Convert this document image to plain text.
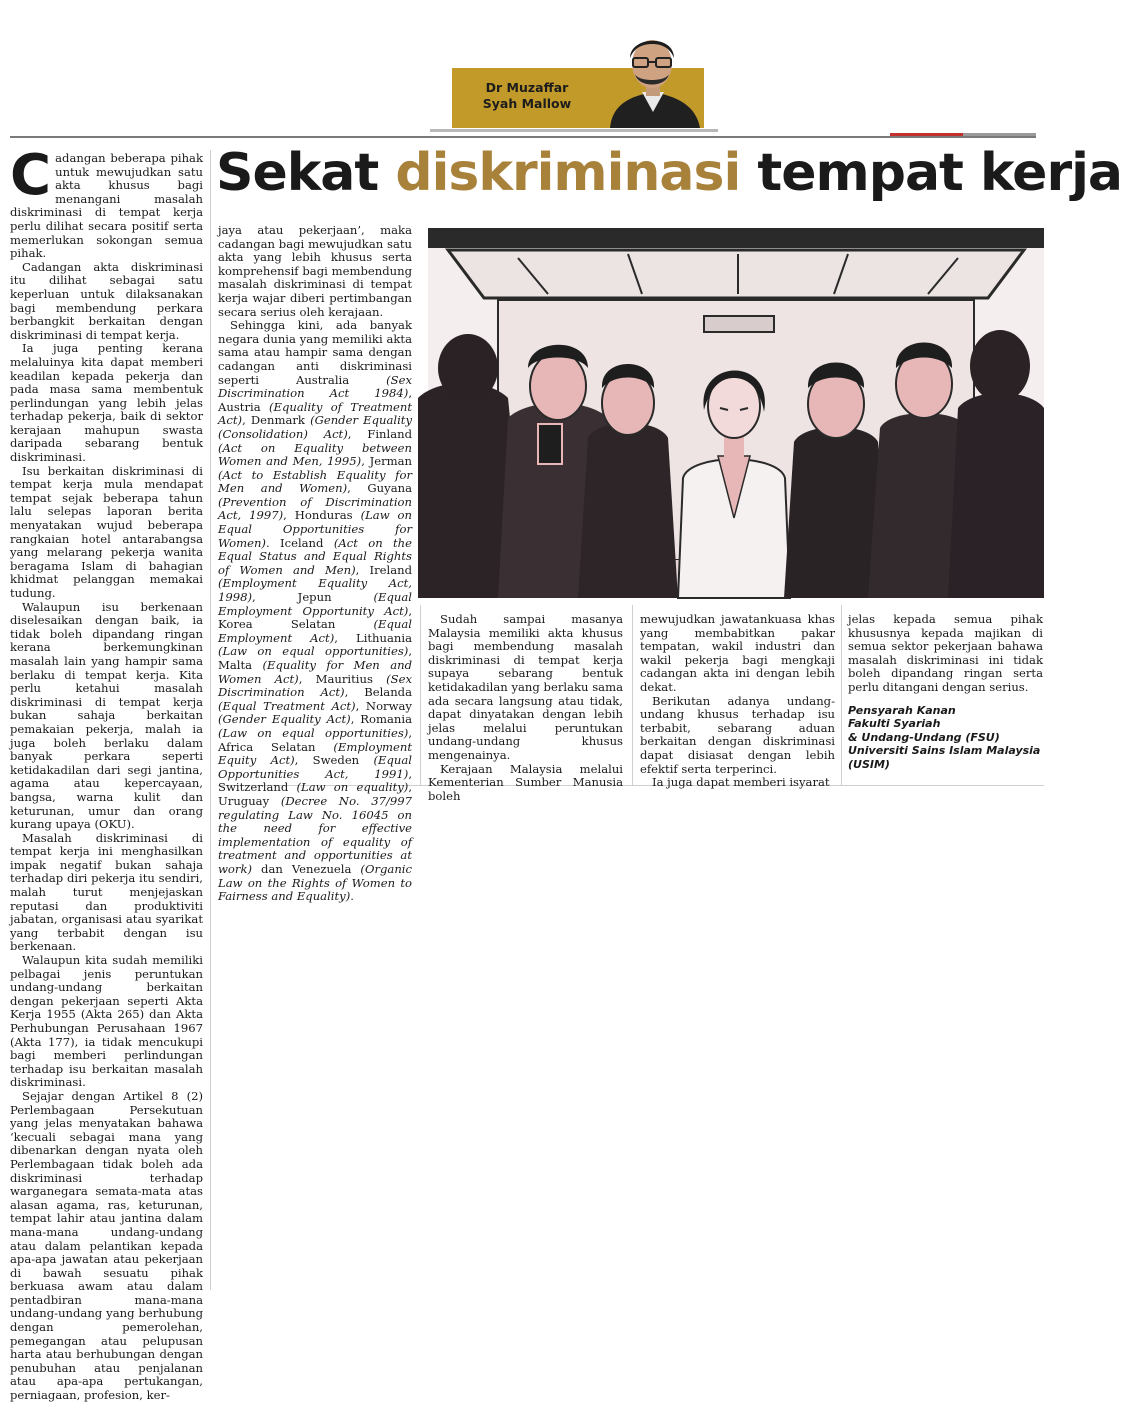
Dr Muzaffar
Syah Mallow
Sekat diskriminasi tempat kerja

Cadangan beberapa pihak untuk mewujudkan satu akta khusus bagi menangani masalah diskriminasi di tempat kerja perlu dilihat secara positif serta memerlukan sokongan semua pihak.

Cadangan akta diskriminasi itu dilihat sebagai satu keperluan untuk dilaksanakan bagi membendung perkara berbangkit berkaitan dengan diskriminasi di tempat kerja.

Ia juga penting kerana melaluinya kita dapat memberi keadilan kepada pekerja dan pada masa sama membentuk perlindungan yang lebih jelas terhadap pekerja, baik di sektor kerajaan mahupun swasta daripada sebarang bentuk diskriminasi.

Isu berkaitan diskriminasi di tempat kerja mula mendapat tempat sejak beberapa tahun lalu selepas laporan berita menyatakan wujud beberapa rangkaian hotel antarabangsa yang melarang pekerja wanita beragama Islam di bahagian khidmat pelanggan memakai tudung.

Walaupun isu berkenaan diselesaikan dengan baik, ia tidak boleh dipandang ringan kerana berkemungkinan masalah lain yang hampir sama berlaku di tempat kerja. Kita perlu ketahui masalah diskriminasi di tempat kerja bukan sahaja berkaitan pemakaian pekerja, malah ia juga boleh berlaku dalam banyak perkara seperti ketidakadilan dari segi jantina, agama atau kepercayaan, bangsa, warna kulit dan keturunan, umur dan orang kurang upaya (OKU).

Masalah diskriminasi di tempat kerja ini menghasilkan impak negatif bukan sahaja terhadap diri pekerja itu sendiri, malah turut menjejaskan reputasi dan produktiviti jabatan, organisasi atau syarikat yang terbabit dengan isu berkenaan.

Walaupun kita sudah memiliki pelbagai jenis peruntukan undang-undang berkaitan dengan pekerjaan seperti Akta Kerja 1955 (Akta 265) dan Akta Perhubungan Perusahaan 1967 (Akta 177), ia tidak mencukupi bagi memberi perlindungan terhadap isu berkaitan masalah diskriminasi.

Sejajar dengan Artikel 8 (2) Perlembagaan Persekutuan yang jelas menyatakan bahawa ‘kecuali sebagai mana yang dibenarkan dengan nyata oleh Perlembagaan tidak boleh ada diskriminasi terhadap warganegara semata-mata atas alasan agama, ras, keturunan, tempat lahir atau jantina dalam mana-mana undang-undang atau dalam pelantikan kepada apa-apa jawatan atau pekerjaan di bawah sesuatu pihak berkuasa awam atau dalam pentadbiran mana-mana undang-undang yang berhubung dengan pemerolehan, pemegangan atau pelupusan harta atau berhubungan dengan penubuhan atau penjalanan atau apa-apa pertukangan, perniagaan, profesion, ker-

jaya atau pekerjaan’, maka cadangan bagi mewujudkan satu akta yang lebih khusus serta komprehensif bagi membendung masalah diskriminasi di tempat kerja wajar diberi pertimbangan secara serius oleh kerajaan.

Sehingga kini, ada banyak negara dunia yang memiliki akta sama atau hampir sama dengan cadangan anti diskriminasi seperti Australia (Sex Discrimination Act 1984), Austria (Equality of Treatment Act), Denmark (Gender Equality (Consolidation) Act), Finland (Act on Equality between Women and Men, 1995), Jerman (Act to Establish Equality for Men and Women), Guyana (Prevention of Discrimination Act, 1997), Honduras (Law on Equal Opportunities for Women). Iceland (Act on the Equal Status and Equal Rights of Women and Men), Ireland (Employment Equality Act, 1998), Jepun (Equal Employment Opportunity Act), Korea Selatan (Equal Employment Act), Lithuania (Law on equal opportunities), Malta (Equality for Men and Women Act), Mauritius (Sex Discrimination Act), Belanda (Equal Treatment Act), Norway (Gender Equality Act), Romania (Law on equal opportunities), Africa Selatan (Employment Equity Act), Sweden (Equal Opportunities Act, 1991), Switzerland (Law on equality), Uruguay (Decree No. 37/997 regulating Law No. 16045 on the need for effective implementation of equality of treatment and opportunities at work) dan Venezuela (Organic Law on the Rights of Women to Fairness and Equality).

Sudah sampai masanya Malaysia memiliki akta khusus bagi membendung masalah diskriminasi di tempat kerja supaya sebarang bentuk ketidakadilan yang berlaku sama ada secara langsung atau tidak, dapat dinyatakan dengan lebih jelas melalui peruntukan undang-undang khusus mengenainya.

Kerajaan Malaysia melalui Kementerian Sumber Manusia boleh

mewujudkan jawatankuasa khas yang membabitkan pakar tempatan, wakil industri dan wakil pekerja bagi mengkaji cadangan akta ini dengan lebih dekat.

Berikutan adanya undang-undang khusus terhadap isu terbabit, sebarang aduan berkaitan dengan diskriminasi dapat disiasat dengan lebih efektif serta terperinci.

Ia juga dapat memberi isyarat

jelas kepada semua pihak khususnya kepada majikan di semua sektor pekerjaan bahawa masalah diskriminasi ini tidak boleh dipandang ringan serta perlu ditangani dengan serius.

Pensyarah Kanan
Fakulti Syariah
& Undang-Undang (FSU)
Universiti Sains Islam Malaysia
(USIM)
